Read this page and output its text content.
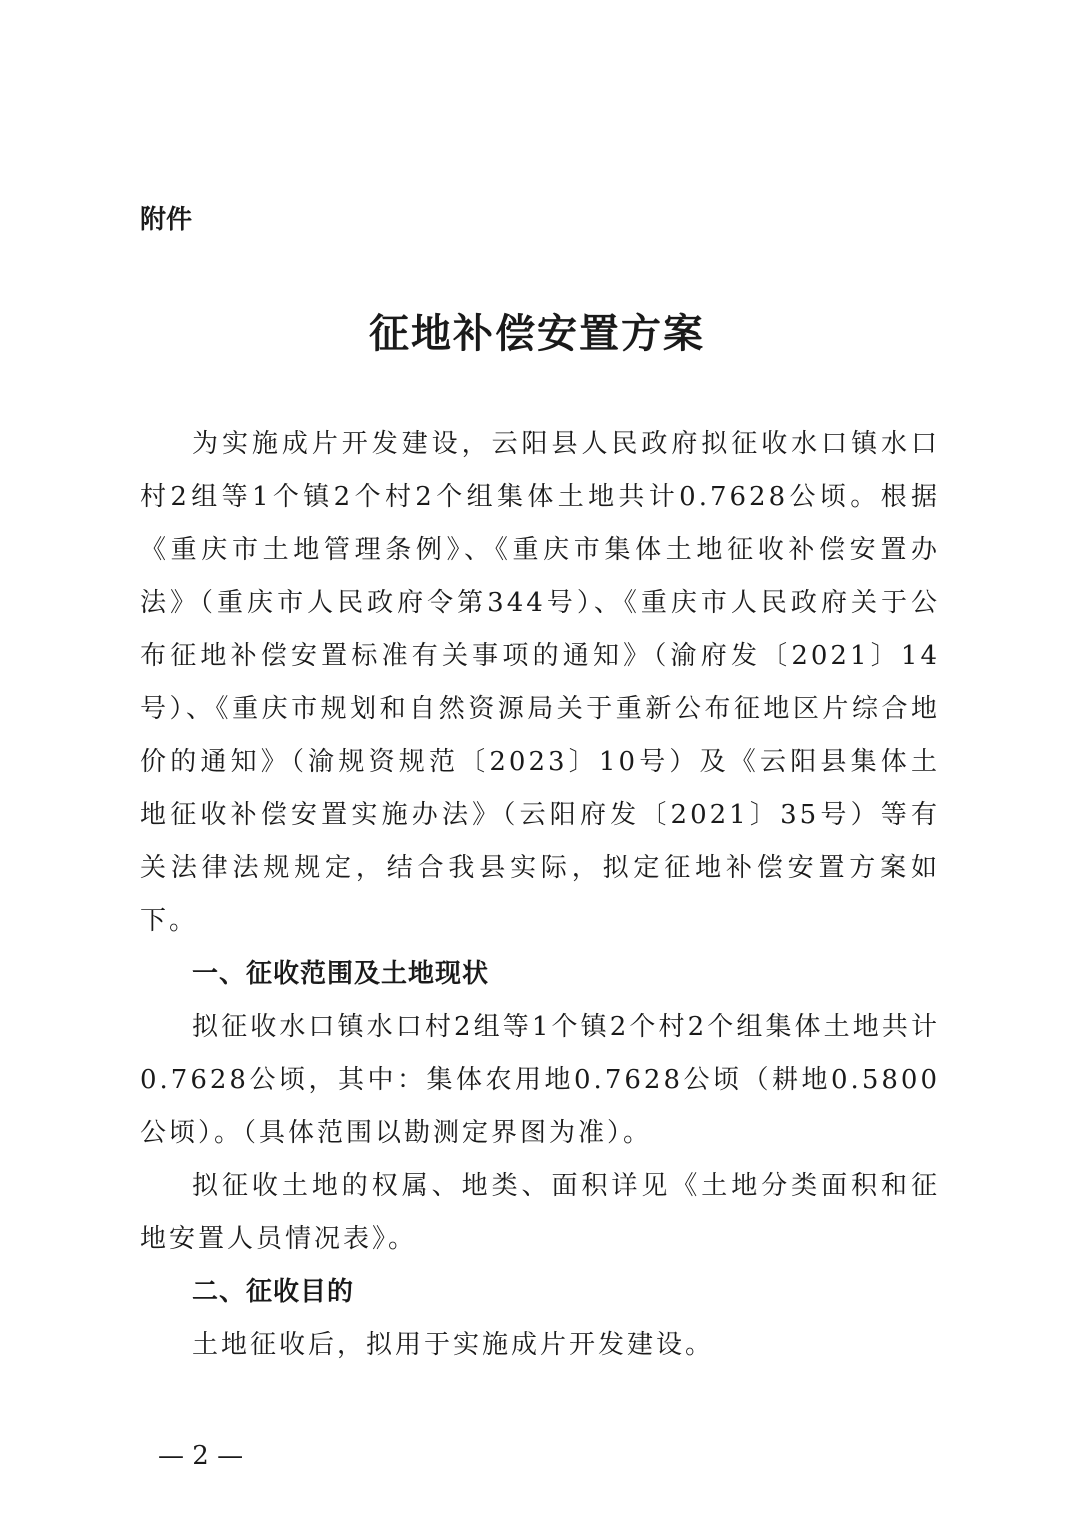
附件

征地补偿安置方案

为实施成片开发建设，云阳县人民政府拟征收水口镇水口村2组等1个镇2个村2个组集体土地共计0.7628公顷。根据《重庆市土地管理条例》、《重庆市集体土地征收补偿安置办法》（重庆市人民政府令第344号）、《重庆市人民政府关于公布征地补偿安置标准有关事项的通知》（渝府发〔2021〕14号）、《重庆市规划和自然资源局关于重新公布征地区片综合地价的通知》（渝规资规范〔2023〕10号）及《云阳县集体土地征收补偿安置实施办法》（云阳府发〔2021〕35号）等有关法律法规规定，结合我县实际，拟定征地补偿安置方案如下。

一、征收范围及土地现状

拟征收水口镇水口村2组等1个镇2个村2个组集体土地共计0.7628公顷，其中：集体农用地0.7628公顷（耕地0.5800公顷）。（具体范围以勘测定界图为准）。

拟征收土地的权属、地类、面积详见《土地分类面积和征地安置人员情况表》。

二、征收目的

土地征收后，拟用于实施成片开发建设。

— 2 —
